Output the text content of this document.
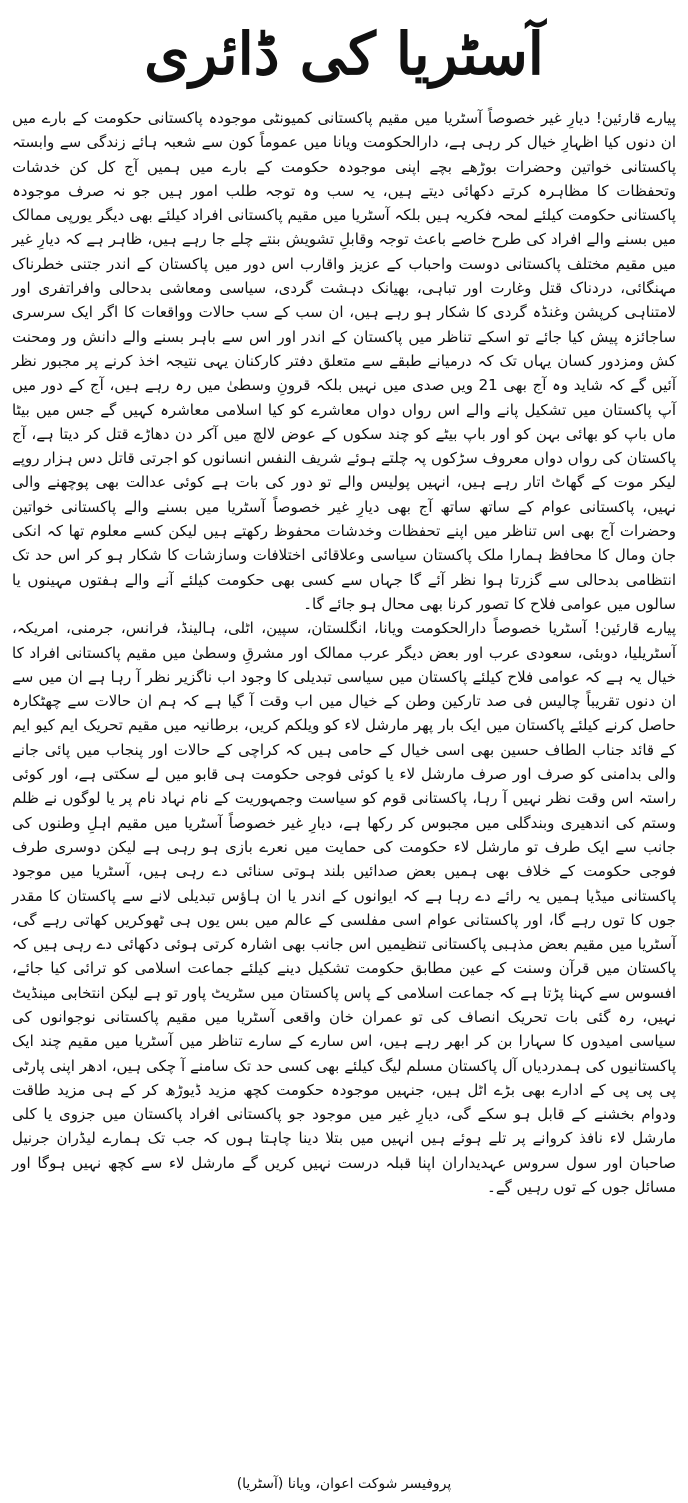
آسٹریا کی ڈائری

پیارے قارئین! دیارِ غیر خصوصاً آسٹریا میں مقیم پاکستانی کمیونٹی موجودہ پاکستانی حکومت کے بارے میں ان دنوں کیا اظہارِ خیال کر رہی ہے، دارالحکومت ویانا میں عموماً کون سے شعبہ ہائے زندگی سے وابستہ پاکستانی خواتین وحضرات بوڑھے بچے اپنی موجودہ حکومت کے بارے میں ہمیں آج کل کن خدشات وتحفظات کا مظاہرہ کرتے دکھائی دیتے ہیں، یہ سب وہ توجہ طلب امور ہیں جو نہ صرف موجودہ پاکستانی حکومت کیلئے لمحہ فکریہ ہیں بلکہ آسٹریا میں مقیم پاکستانی افراد کیلئے بھی دیگر یورپی ممالک میں بسنے والے افراد کی طرح خاصے باعث توجہ وقابلِ تشویش بنتے چلے جا رہے ہیں، ظاہر ہے کہ دیارِ غیر میں مقیم مختلف پاکستانی دوست واحباب کے عزیز واقارب اس دور میں پاکستان کے اندر جتنی خطرناک مہنگائی، دردناک قتل وغارت اور تباہی، بھیانک دہشت گردی، سیاسی ومعاشی بدحالی وافراتفری اور لامتناہی کرپشن وغنڈہ گردی کا شکار ہو رہے ہیں، ان سب کے سب حالات وواقعات کا اگر ایک سرسری ساجائزہ پیش کیا جائے تو اسکے تناظر میں پاکستان کے اندر اور اس سے باہر بسنے والے دانش ور ومحنت کش ومزدور کسان یہاں تک کہ درمیانے طبقے سے متعلق دفتر کارکنان یہی نتیجہ اخذ کرنے پر مجبور نظر آئیں گے کہ شاید وہ آج بھی 21 ویں صدی میں نہیں بلکہ قرونِ وسطیٰ میں رہ رہے ہیں، آج کے دور میں آپ پاکستان میں تشکیل پانے والے اس رواں دواں معاشرے کو کیا اسلامی معاشرہ کہیں گے جس میں بیٹا ماں باپ کو بھائی بہن کو اور باپ بیٹے کو چند سکوں کے عوض لالچ میں آکر دن دھاڑے قتل کر دیتا ہے، آج پاکستان کی رواں دواں معروف سڑکوں پہ چلتے ہوئے شریف النفس انسانوں کو اجرتی قاتل دس ہزار روپے لیکر موت کے گھاٹ اتار رہے ہیں، انہیں پولیس والے تو دور کی بات ہے کوئی عدالت بھی پوچھنے والی نہیں، پاکستانی عوام کے ساتھ ساتھ آج بھی دیارِ غیر خصوصاً آسٹریا میں بسنے والے پاکستانی خواتین وحضرات آج بھی اس تناظر میں اپنے تحفظات وخدشات محفوظ رکھتے ہیں لیکن کسے معلوم تھا کہ انکی جان ومال کا محافظ ہمارا ملک پاکستان سیاسی وعلاقائی اختلافات وسازشات کا شکار ہو کر اس حد تک انتظامی بدحالی سے گزرتا ہوا نظر آئے گا جہاں سے کسی بھی حکومت کیلئے آنے والے ہفتوں مہینوں یا سالوں میں عوامی فلاح کا تصور کرنا بھی محال ہو جائے گا۔

پیارے قارئین! آسٹریا خصوصاً دارالحکومت ویانا، انگلستان، سپین، اٹلی، ہالینڈ، فرانس، جرمنی، امریکہ، آسٹریلیا، دوبئی، سعودی عرب اور بعض دیگر عرب ممالک اور مشرقِ وسطیٰ میں مقیم پاکستانی افراد کا خیال یہ ہے کہ عوامی فلاح کیلئے پاکستان میں سیاسی تبدیلی کا وجود اب ناگزیر نظر آ رہا ہے ان میں سے ان دنوں تقریباً چالیس فی صد تارکین وطن کے خیال میں اب وقت آ گیا ہے کہ ہم ان حالات سے چھٹکارہ حاصل کرنے کیلئے پاکستان میں ایک بار پھر مارشل لاء کو ویلکم کریں، برطانیہ میں مقیم تحریک ایم کیو ایم کے قائد جناب الطاف حسین بھی اسی خیال کے حامی ہیں کہ کراچی کے حالات اور پنجاب میں پائی جانے والی بدامنی کو صرف اور صرف مارشل لاء یا کوئی فوجی حکومت ہی قابو میں لے سکتی ہے، اور کوئی راستہ اس وقت نظر نہیں آ رہا، پاکستانی قوم کو سیاست وجمہوریت کے نام نہاد نام پر یا لوگوں نے ظلم وستم کی اندھیری وبندگلی میں مجبوس کر رکھا ہے، دیارِ غیر خصوصاً آسٹریا میں مقیم اہلِ وطنوں کی جانب سے ایک طرف تو مارشل لاء حکومت کی حمایت میں نعرے بازی ہو رہی ہے لیکن دوسری طرف فوجی حکومت کے خلاف بھی ہمیں بعض صدائیں بلند ہوتی سنائی دے رہی ہیں، آسٹریا میں موجود پاکستانی میڈیا ہمیں یہ رائے دے رہا ہے کہ ایوانوں کے اندر یا ان ہاؤس تبدیلی لانے سے پاکستان کا مقدر جوں کا توں رہے گا، اور پاکستانی عوام اسی مفلسی کے عالم میں بس یوں ہی ٹھوکریں کھاتی رہے گی، آسٹریا میں مقیم بعض مذہبی پاکستانی تنظیمیں اس جانب بھی اشارہ کرتی ہوئی دکھائی دے رہی ہیں کہ پاکستان میں قرآن وسنت کے عین مطابق حکومت تشکیل دینے کیلئے جماعت اسلامی کو ترائی کیا جائے، افسوس سے کہنا پڑتا ہے کہ جماعت اسلامی کے پاس پاکستان میں سٹریٹ پاور تو ہے لیکن انتخابی مینڈیٹ نہیں، رہ گئی بات تحریک انصاف کی تو عمران خان واقعی آسٹریا میں مقیم پاکستانی نوجوانوں کی سیاسی امیدوں کا سہارا بن کر ابھر رہے ہیں، اس سارے کے سارے تناظر میں آسٹریا میں مقیم چند ایک پاکستانیوں کی ہمدردیاں آل پاکستان مسلم لیگ کیلئے بھی کسی حد تک سامنے آ چکی ہیں، ادھر اپنی پارٹی پی پی پی کے ادارے بھی بڑے اٹل ہیں، جنہیں موجودہ حکومت کچھ مزید ڈیوڑھ کر کے ہی مزید طاقت ودوام بخشنے کے قابل ہو سکے گی، دیارِ غیر میں موجود جو پاکستانی افراد پاکستان میں جزوی یا کلی مارشل لاء نافذ کروانے پر تلے ہوئے ہیں انہیں میں بتلا دینا چاہتا ہوں کہ جب تک ہمارے لیڈران جرنیل صاحبان اور سول سروس عہدیداران اپنا قبلہ درست نہیں کریں گے مارشل لاء سے کچھ نہیں ہوگا اور مسائل جوں کے توں رہیں گے۔

پروفیسر شوکت اعوان، ویانا (آسٹریا)
